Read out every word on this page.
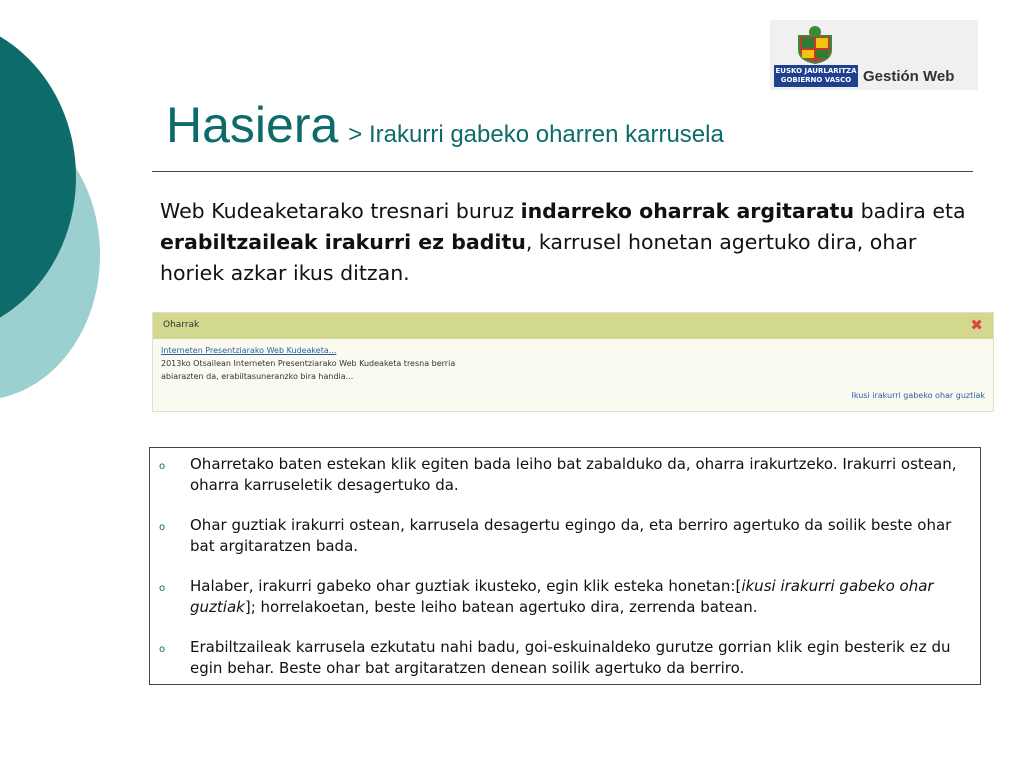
EUSKO JAURLARITZA
GOBIERNO VASCO Gestión Web
Hasiera > Irakurri gabeko oharren karrusela
Web Kudeaketarako tresnari buruz indarreko oharrak argitaratu badira eta erabiltzaileak irakurri ez baditu, karrusel honetan agertuko dira, ohar horiek azkar ikus ditzan.
Oharrak	✖
Interneten Presentziarako Web Kudeaketa...
2013ko Otsailean Interneten Presentziarako Web Kudeaketa tresna berria abiarazten da, erabiltasuneranzko bira handia...
Ikusi irakurri gabeko ohar guztiak
o Oharretako baten estekan klik egiten bada leiho bat zabalduko da, oharra irakurtzeko. Irakurri ostean, oharra karruseletik desagertuko da.
o Ohar guztiak irakurri ostean, karrusela desagertu egingo da, eta berriro agertuko da soilik beste ohar bat argitaratzen bada.
o Halaber, irakurri gabeko ohar guztiak ikusteko, egin klik esteka honetan:[ikusi irakurri gabeko ohar guztiak]; horrelakoetan, beste leiho batean agertuko dira, zerrenda batean.
o Erabiltzaileak karrusela ezkutatu nahi badu, goi-eskuinaldeko gurutze gorrian klik egin besterik ez du egin behar. Beste ohar bat argitaratzen denean soilik agertuko da berriro.
